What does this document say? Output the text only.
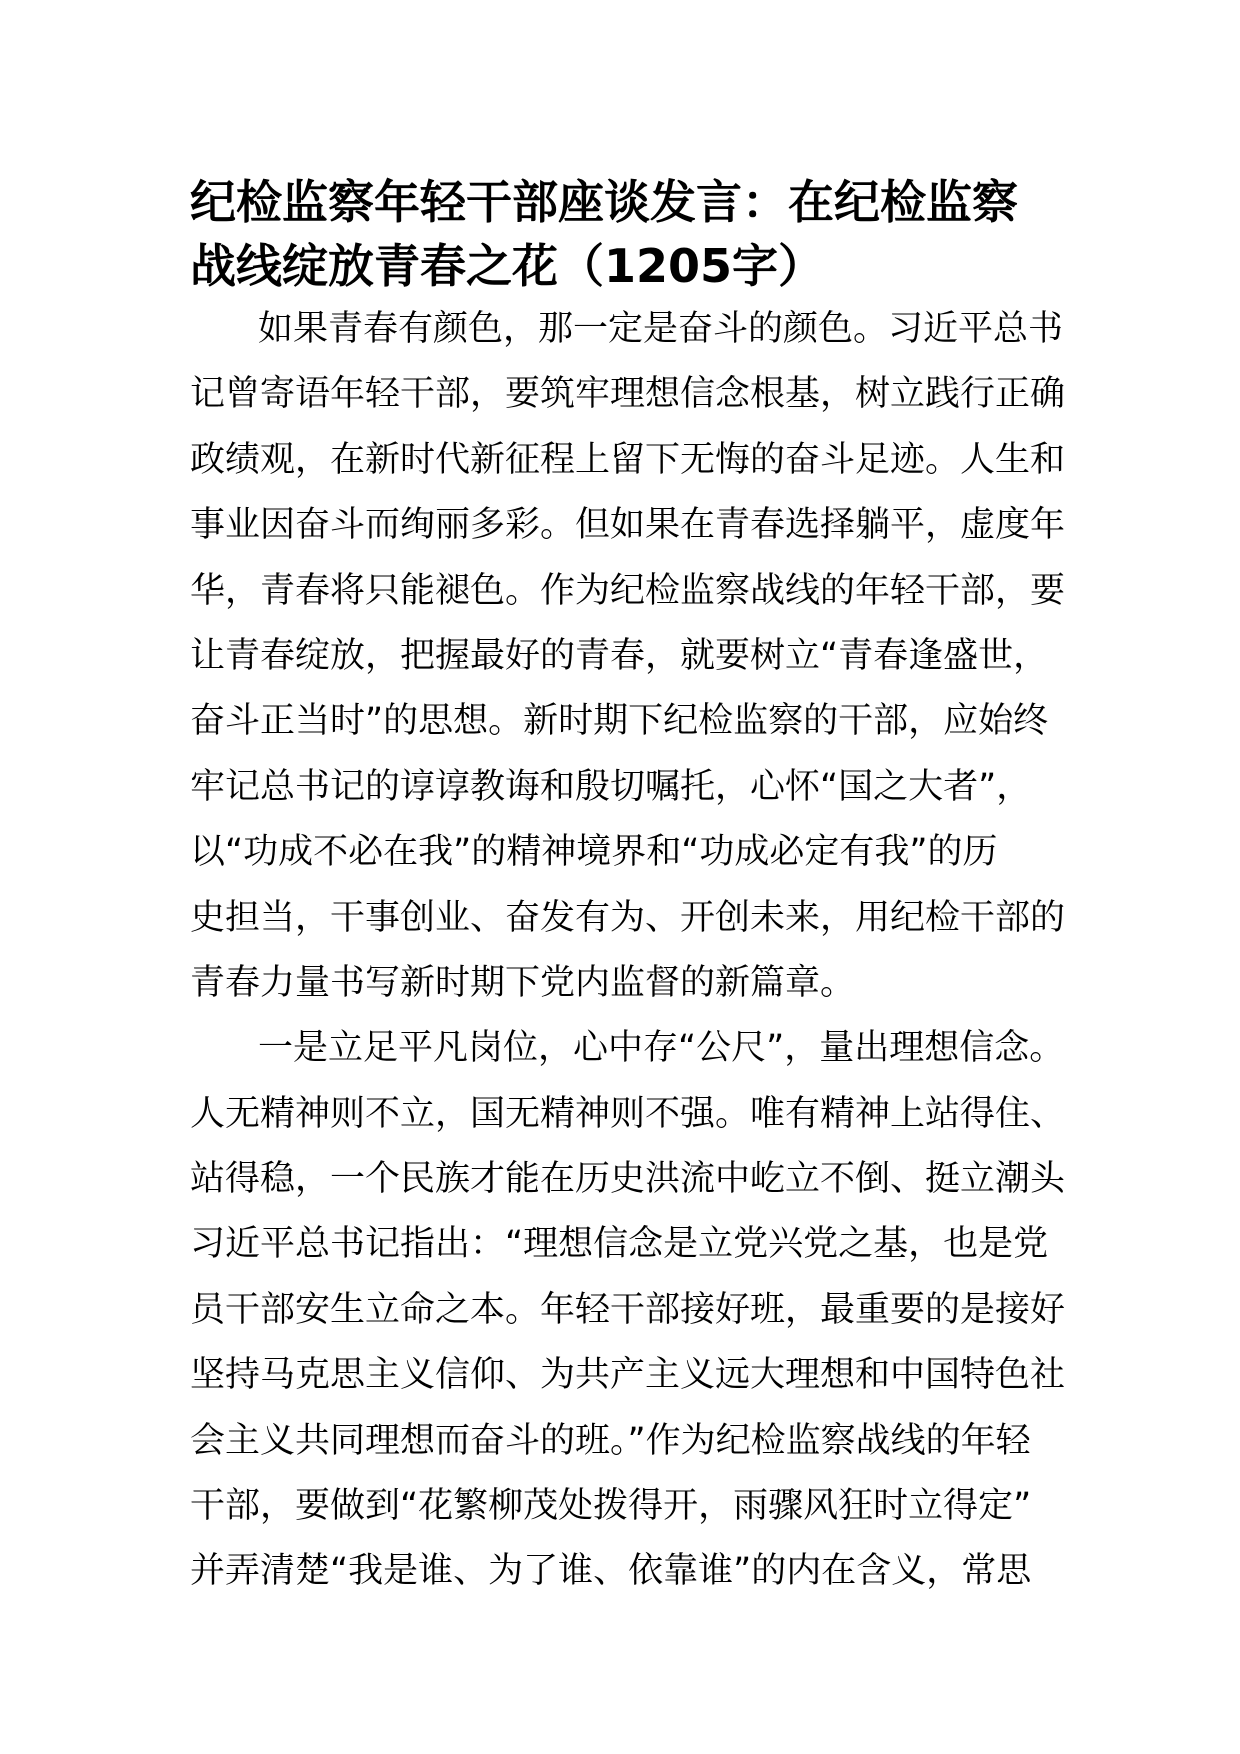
纪检监察年轻干部座谈发言：在纪检监察
战线绽放青春之花（1205字）
如果青春有颜色，那一定是奋斗的颜色。习近平总书
记曾寄语年轻干部，要筑牢理想信念根基，树立践行正确
政绩观，在新时代新征程上留下无悔的奋斗足迹。人生和
事业因奋斗而绚丽多彩。但如果在青春选择躺平，虚度年
华，青春将只能褪色。作为纪检监察战线的年轻干部，要
让青春绽放，把握最好的青春，就要树立“青春逢盛世，
奋斗正当时”的思想。新时期下纪检监察的干部，应始终
牢记总书记的谆谆教诲和殷切嘱托，心怀“国之大者”，
以“功成不必在我”的精神境界和“功成必定有我”的历
史担当，干事创业、奋发有为、开创未来，用纪检干部的
青春力量书写新时期下党内监督的新篇章。
一是立足平凡岗位，心中存“公尺”，量出理想信念。
人无精神则不立，国无精神则不强。唯有精神上站得住、
站得稳，一个民族才能在历史洪流中屹立不倒、挺立潮头
习近平总书记指出：“理想信念是立党兴党之基，也是党
员干部安生立命之本。年轻干部接好班，最重要的是接好
坚持马克思主义信仰、为共产主义远大理想和中国特色社
会主义共同理想而奋斗的班。”作为纪检监察战线的年轻
干部，要做到“花繁柳茂处拨得开，雨骤风狂时立得定”
并弄清楚“我是谁、为了谁、依靠谁”的内在含义，常思
